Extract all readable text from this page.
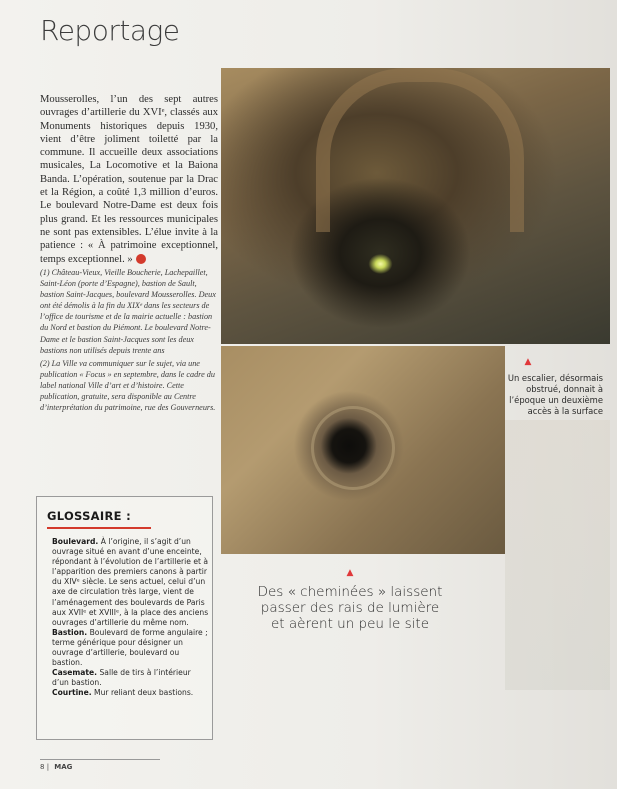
Reportage
Mousserolles, l’un des sept autres ouvrages d’artillerie du XVIᵉ, classés aux Monuments historiques depuis 1930, vient d’être joliment toiletté par la commune. Il accueille deux associations musicales, La Locomotive et la Baiona Banda. L’opération, soutenue par la Drac et la Région, a coûté 1,3 million d’euros. Le boulevard Notre-Dame est deux fois plus grand. Et les ressources municipales ne sont pas extensibles. L’élue invite à la patience : « À patrimoine exceptionnel, temps exceptionnel. »

(1) Château-Vieux, Vieille Boucherie, Lachepaillet, Saint-Léon (porte d’Espagne), bastion de Sault, bastion Saint-Jacques, boulevard Mousserolles. Deux ont été démolis à la fin du XIXᵉ dans les secteurs de l’office de tourisme et de la mairie actuelle : bastion du Nord et bastion du Piémont. Le boulevard Notre-Dame et le bastion Saint-Jacques sont les deux bastions non utilisés depuis trente ans

(2) La Ville va communiquer sur le sujet, via une publication « Focus » en septembre, dans le cadre du label national Ville d’art et d’histoire. Cette publication, gratuite, sera disponible au Centre d’interprétation du patrimoine, rue des Gouverneurs.

▲
Un escalier, désormais obstrué, donnait à l’époque un deuxième accès à la surface
▲
Des « cheminées » laissent passer des rais de lumière et aèrent un peu le site
GLOSSAIRE :

Boulevard. À l’origine, il s’agit d’un ouvrage situé en avant d’une enceinte, répondant à l’évolution de l’artillerie et à l’apparition des premiers canons à partir du XIVᵉ siècle. Le sens actuel, celui d’un axe de circulation très large, vient de l’aménagement des boulevards de Paris aux XVIIᵉ et XVIIIᵉ, à la place des anciens ouvrages d’artillerie du même nom.

Bastion. Boulevard de forme angulaire ; terme générique pour désigner un ouvrage d’artillerie, boulevard ou bastion.

Casemate. Salle de tirs à l’intérieur d’un bastion.

Courtine. Mur reliant deux bastions.

8 | MAG
